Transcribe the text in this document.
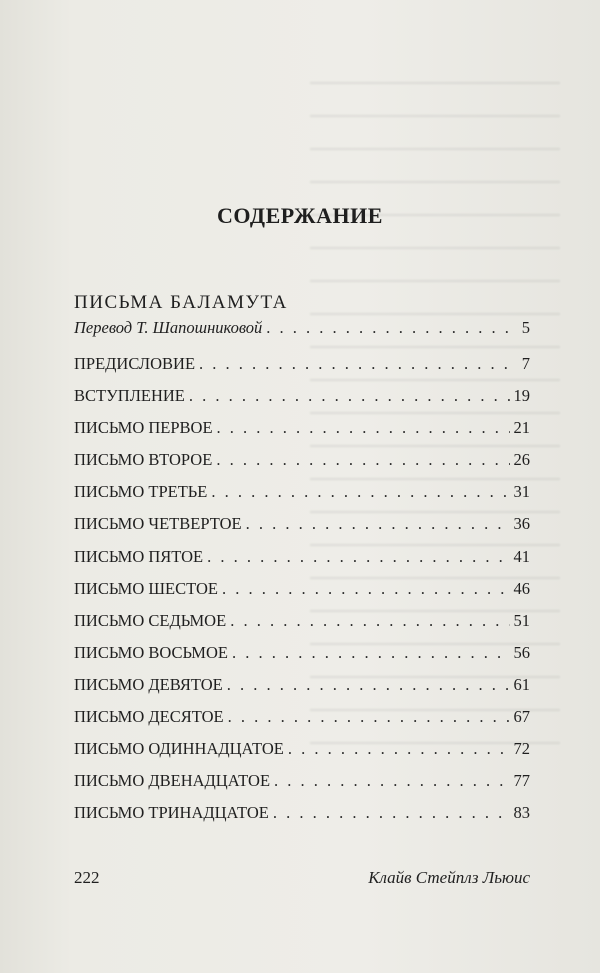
СОДЕРЖАНИЕ
ПИСЬМА БАЛАМУТА
Перевод Т. Шапошниковой . . .	5
ПРЕДИСЛОВИЕ . . .	7
ВСТУПЛЕНИЕ . . .	19
ПИСЬМО ПЕРВОЕ . . .	21
ПИСЬМО ВТОРОЕ . . .	26
ПИСЬМО ТРЕТЬЕ . . .	31
ПИСЬМО ЧЕТВЕРТОЕ . . .	36
ПИСЬМО ПЯТОЕ . . .	41
ПИСЬМО ШЕСТОЕ . . .	46
ПИСЬМО СЕДЬМОЕ . . .	51
ПИСЬМО ВОСЬМОЕ . . .	56
ПИСЬМО ДЕВЯТОЕ . . .	61
ПИСЬМО ДЕСЯТОЕ . . .	67
ПИСЬМО ОДИННАДЦАТОЕ . . .	72
ПИСЬМО ДВЕНАДЦАТОЕ . . .	77
ПИСЬМО ТРИНАДЦАТОЕ . . .	83
222	Клайв Стейплз Льюис
